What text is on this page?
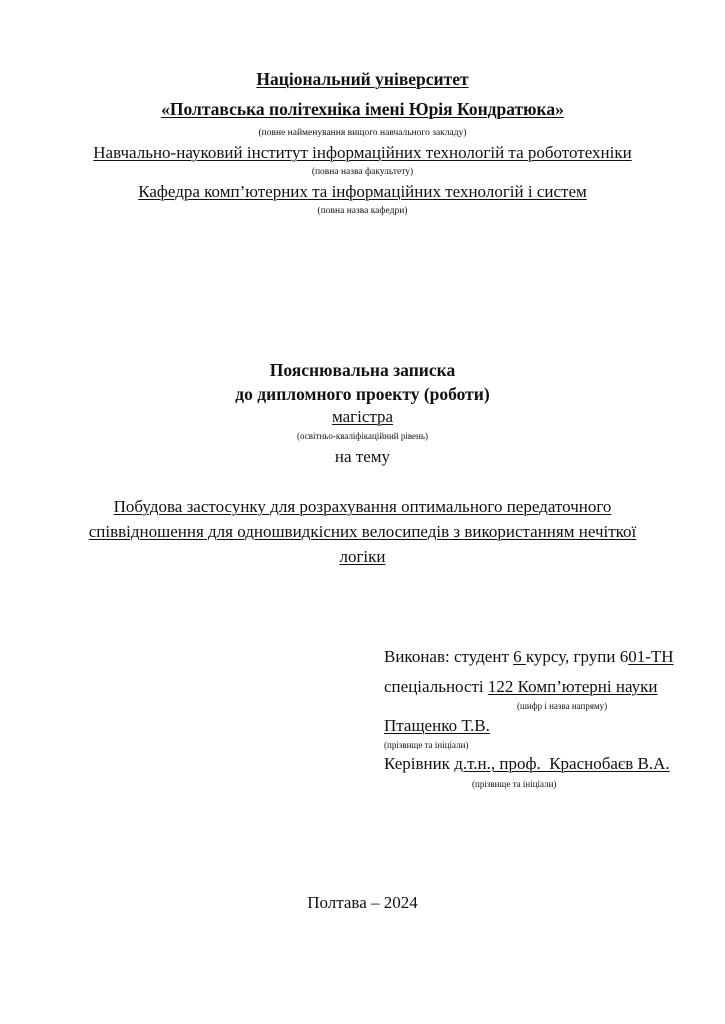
Національний університет
«Полтавська політехніка імені Юрія Кондратюка»
(повне найменування вищого навчального закладу)
Навчально-науковий інститут інформаційних технологій та робототехніки
(повна назва факультету)
Кафедра комп’ютерних та інформаційних технологій і систем
(повна назва кафедри)
Пояснювальна записка
до дипломного проекту (роботи)
магістра
(освітньо-кваліфікаційний рівень)
на тему
Побудова застосунку для розрахування оптимального передаточного
співвідношення для одношвидкісних велосипедів з використанням нечіткої
логіки
Виконав: студент 6 курсу, групи 601-ТН
спеціальності 122 Комп’ютерні науки
(шифр і назва напряму)
Птащенко Т.В.
(прізвище та ініціали)
Керівник д.т.н., проф.  Краснобаєв В.А.
(прізвище та ініціали)
Полтава – 2024
